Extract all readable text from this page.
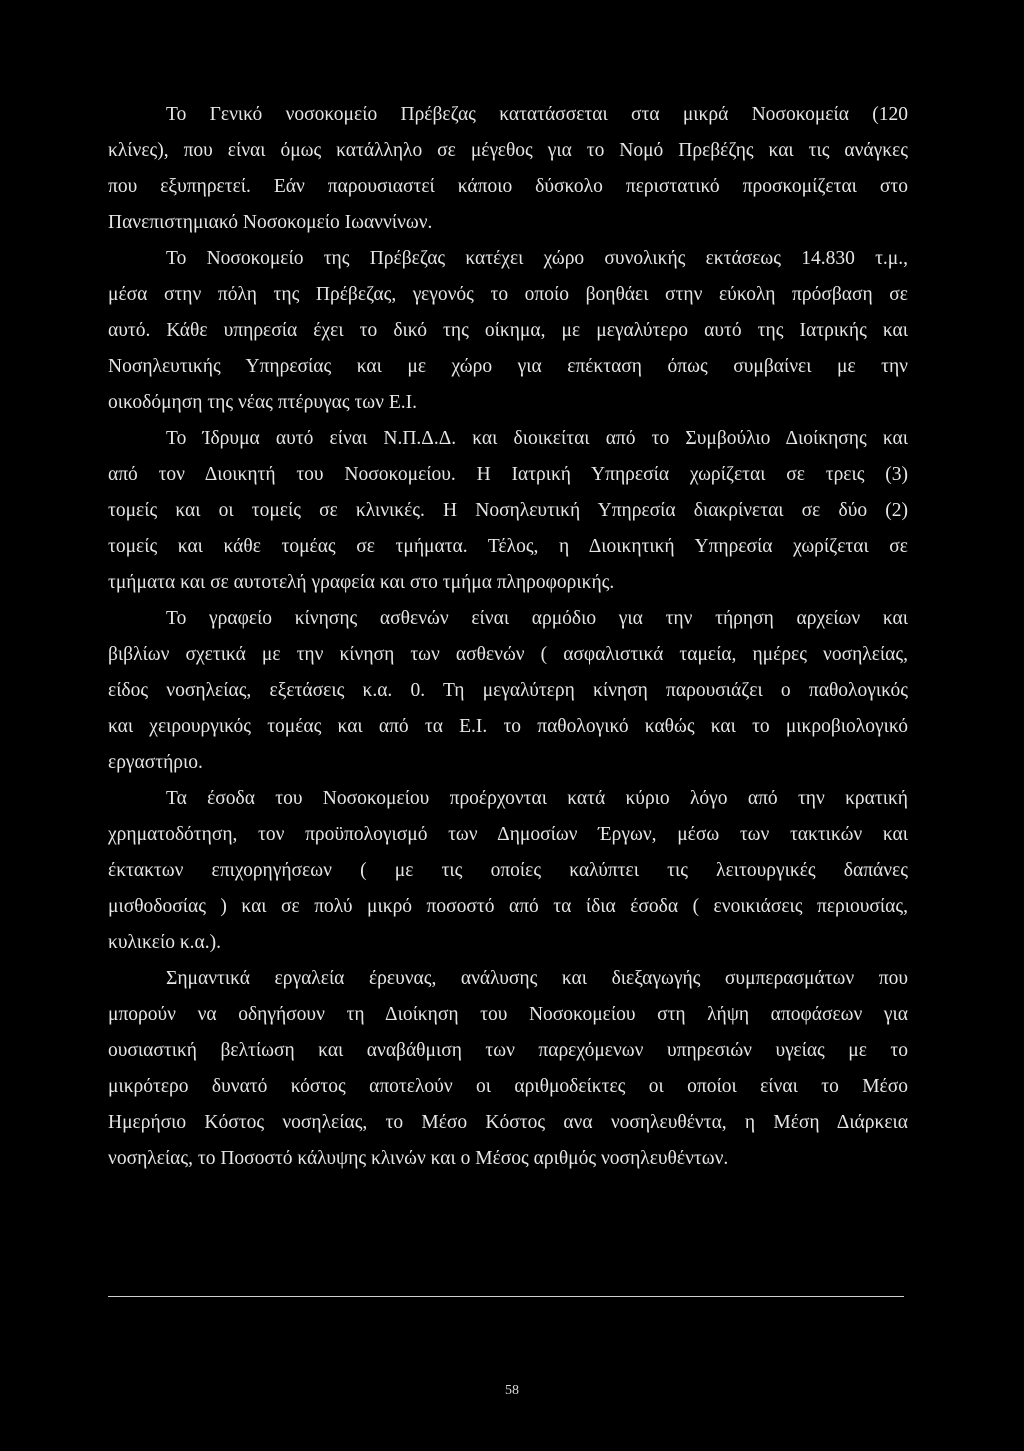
Το Γενικό νοσοκομείο Πρέβεζας κατατάσσεται στα μικρά Νοσοκομεία (120
κλίνες), που είναι όμως κατάλληλο σε μέγεθος για το Νομό Πρεβέζης και τις ανάγκες
που εξυπηρετεί. Εάν παρουσιαστεί κάποιο δύσκολο περιστατικό προσκομίζεται στο
Πανεπιστημιακό Νοσοκομείο Ιωαννίνων.
Το Νοσοκομείο της Πρέβεζας κατέχει χώρο συνολικής εκτάσεως 14.830 τ.μ.,
μέσα στην πόλη της Πρέβεζας, γεγονός το οποίο βοηθάει στην εύκολη πρόσβαση σε
αυτό. Κάθε υπηρεσία έχει το δικό της οίκημα, με μεγαλύτερο αυτό της Ιατρικής και
Νοσηλευτικής Υπηρεσίας και με χώρο για επέκταση όπως συμβαίνει με την
οικοδόμηση της νέας πτέρυγας των Ε.Ι.
Το Ίδρυμα αυτό είναι Ν.Π.Δ.Δ. και διοικείται από το Συμβούλιο Διοίκησης και
από τον Διοικητή του Νοσοκομείου. Η Ιατρική Υπηρεσία χωρίζεται σε τρεις (3)
τομείς και οι τομείς σε κλινικές. Η Νοσηλευτική Υπηρεσία διακρίνεται σε δύο (2)
τομείς και κάθε τομέας σε τμήματα. Τέλος, η Διοικητική Υπηρεσία χωρίζεται σε
τμήματα και σε αυτοτελή γραφεία και στο τμήμα πληροφορικής.
Το γραφείο κίνησης ασθενών είναι αρμόδιο για την τήρηση αρχείων και
βιβλίων σχετικά με την κίνηση των ασθενών ( ασφαλιστικά ταμεία, ημέρες νοσηλείας,
είδος νοσηλείας, εξετάσεις κ.α. 0. Τη μεγαλύτερη κίνηση παρουσιάζει ο παθολογικός
και χειρουργικός τομέας και από τα Ε.Ι. το παθολογικό καθώς και το μικροβιολογικό
εργαστήριο.
Τα έσοδα του Νοσοκομείου προέρχονται κατά κύριο λόγο από την κρατική
χρηματοδότηση, τον προϋπολογισμό των Δημοσίων Έργων, μέσω των τακτικών και
έκτακτων επιχορηγήσεων ( με τις οποίες καλύπτει τις λειτουργικές δαπάνες
μισθοδοσίας ) και σε πολύ μικρό ποσοστό από τα ίδια έσοδα ( ενοικιάσεις περιουσίας,
κυλικείο κ.α.).
Σημαντικά εργαλεία έρευνας, ανάλυσης και διεξαγωγής συμπερασμάτων που
μπορούν να οδηγήσουν τη Διοίκηση του Νοσοκομείου στη λήψη αποφάσεων για
ουσιαστική βελτίωση και αναβάθμιση των παρεχόμενων υπηρεσιών υγείας με το
μικρότερο δυνατό κόστος αποτελούν οι αριθμοδείκτες οι οποίοι είναι το Μέσο
Ημερήσιο Κόστος νοσηλείας, το Μέσο Κόστος ανα νοσηλευθέντα, η Μέση Διάρκεια
νοσηλείας, το Ποσοστό κάλυψης κλινών και ο Μέσος αριθμός νοσηλευθέντων.
58
